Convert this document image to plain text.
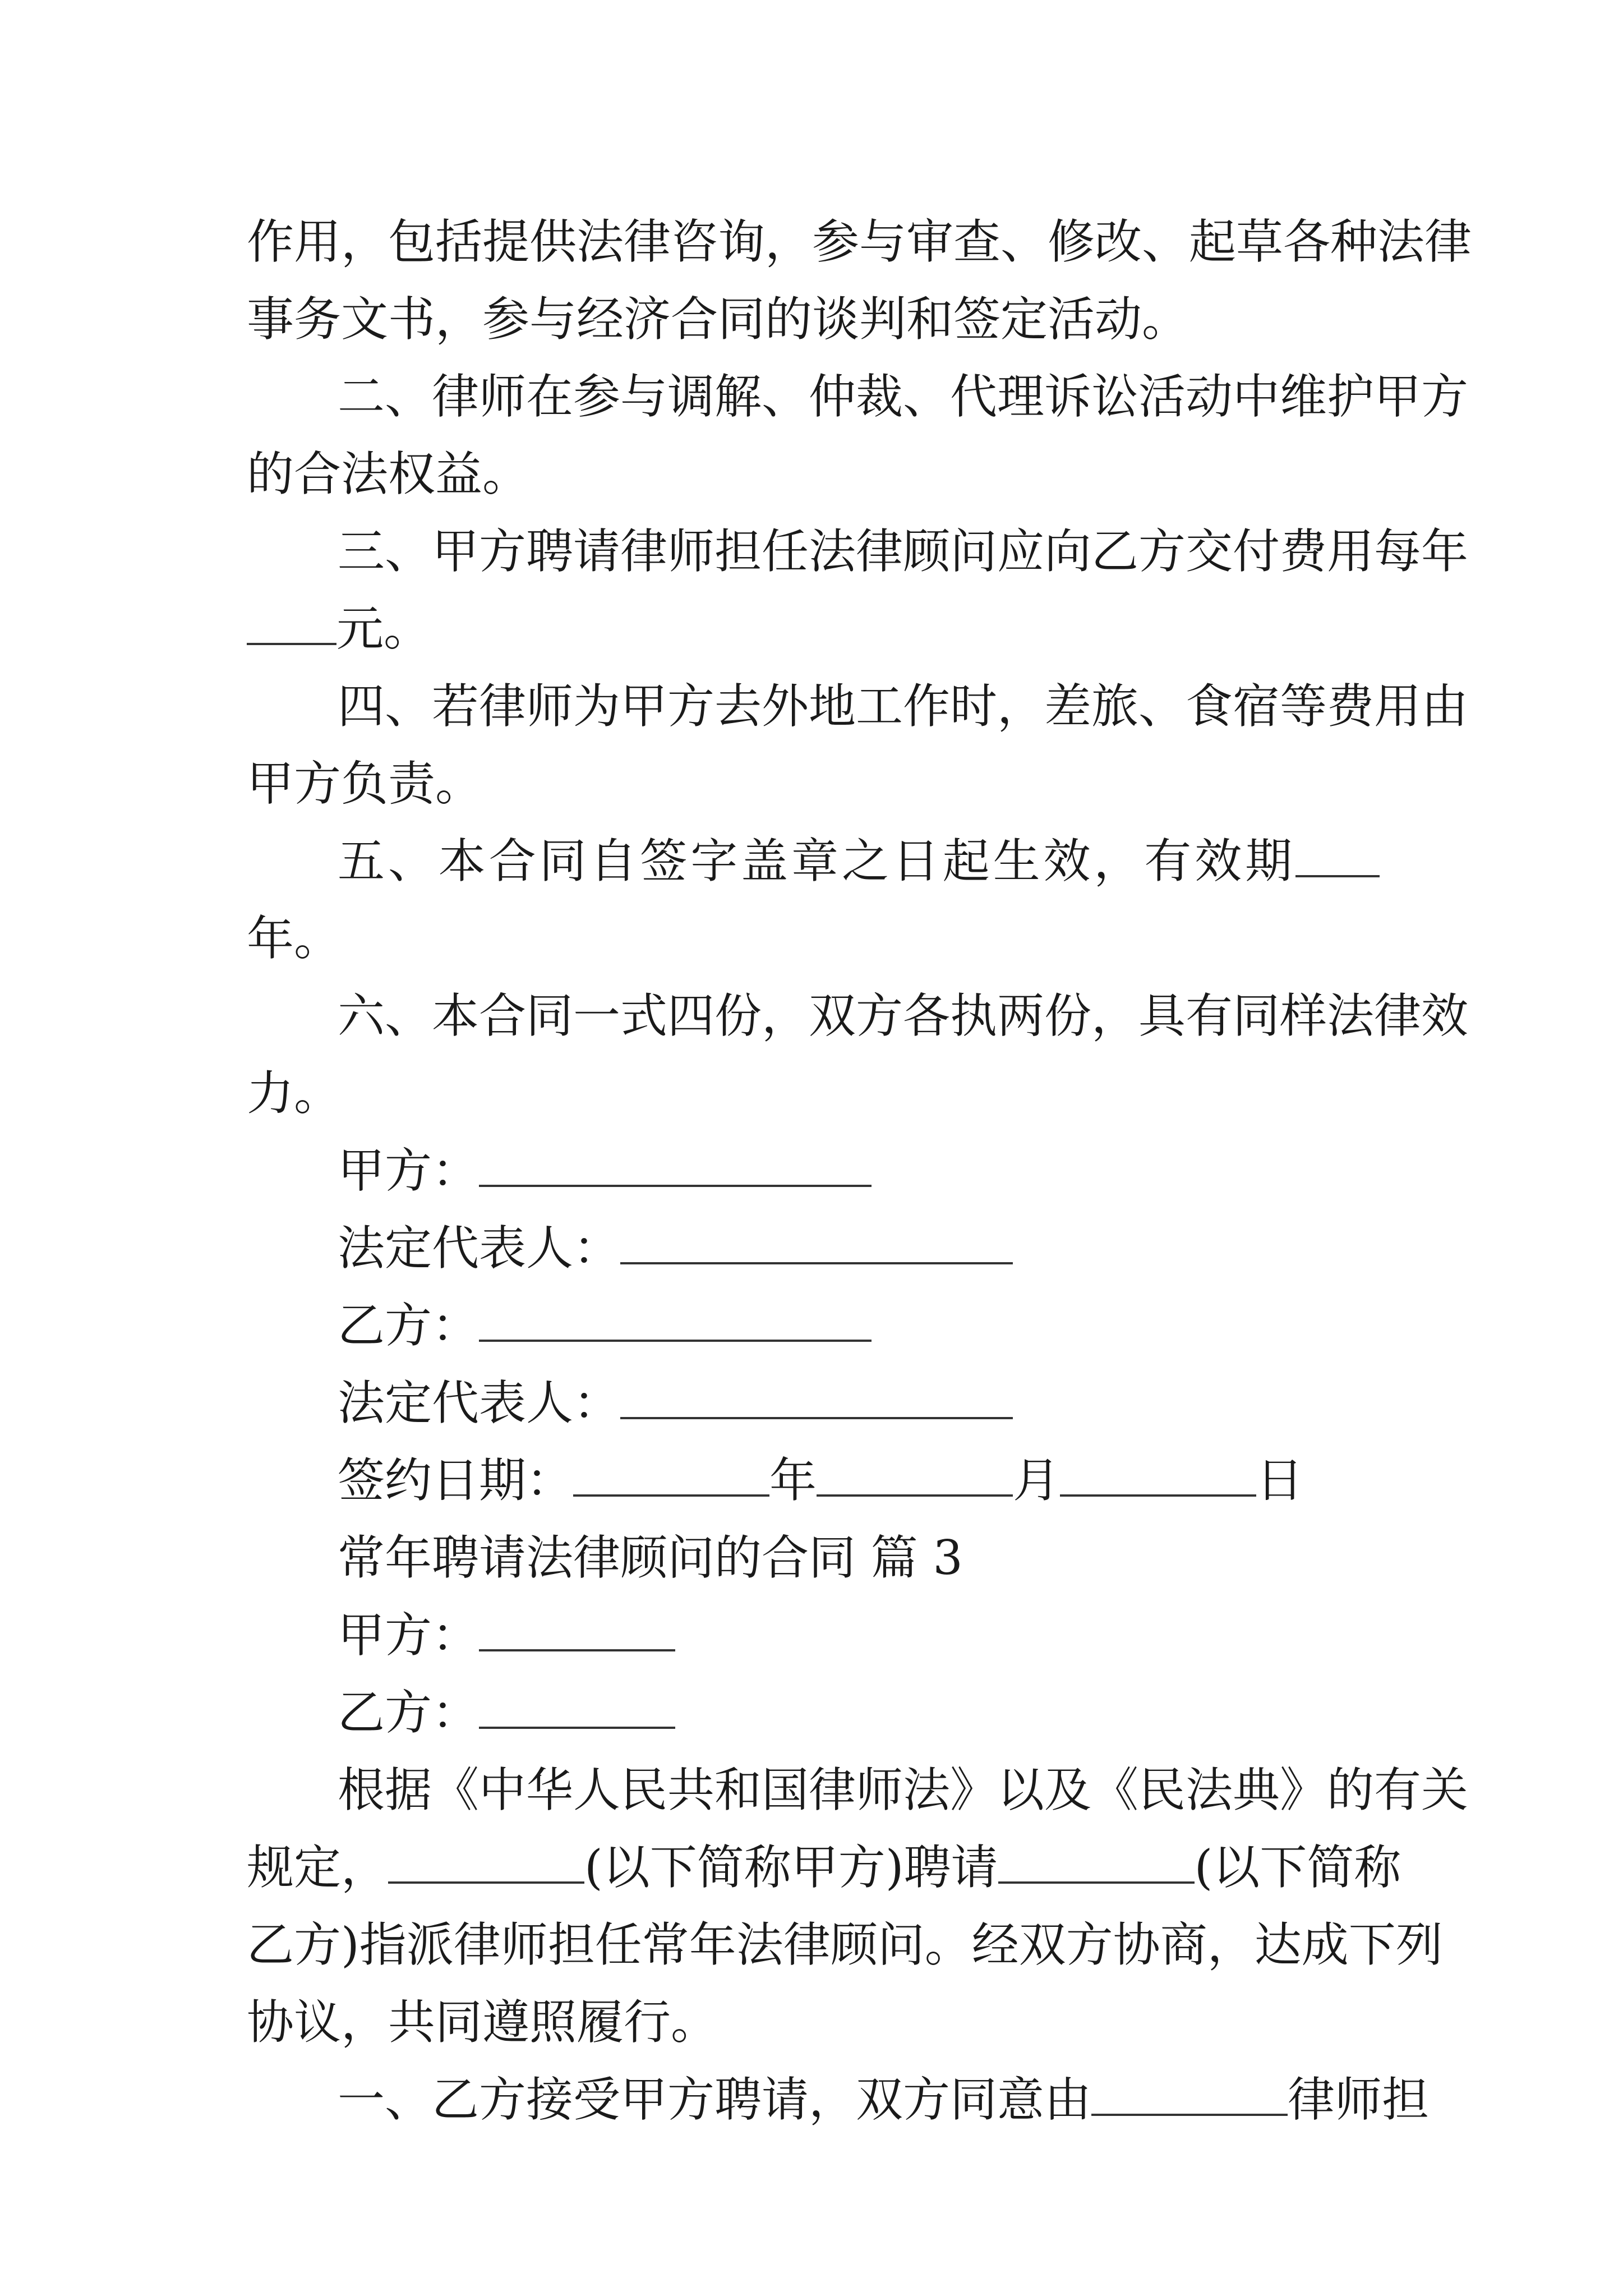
作用，包括提供法律咨询，参与审查、修改、起草各种法律

事务文书，参与经济合同的谈判和签定活动。

二、律师在参与调解、仲裁、代理诉讼活动中维护甲方

的合法权益。

三、甲方聘请律师担任法律顾问应向乙方交付费用每年

元。

四、若律师为甲方去外地工作时，差旅、食宿等费用由

甲方负责。

五、本合同自签字盖章之日起生效，有效期年。

六、本合同一式四份，双方各执两份，具有同样法律效

力。

甲方：

法定代表人：

乙方：

法定代表人：

签约日期：	年	月	日

常年聘请法律顾问的合同 篇 3

甲方：

乙方：

根据《中华人民共和国律师法》以及《民法典》的有关

规定，	(以下简称甲方)聘请	(以下简称

乙方)指派律师担任常年法律顾问。经双方协商，达成下列

协议，共同遵照履行。

一、乙方接受甲方聘请，双方同意由	律师担
